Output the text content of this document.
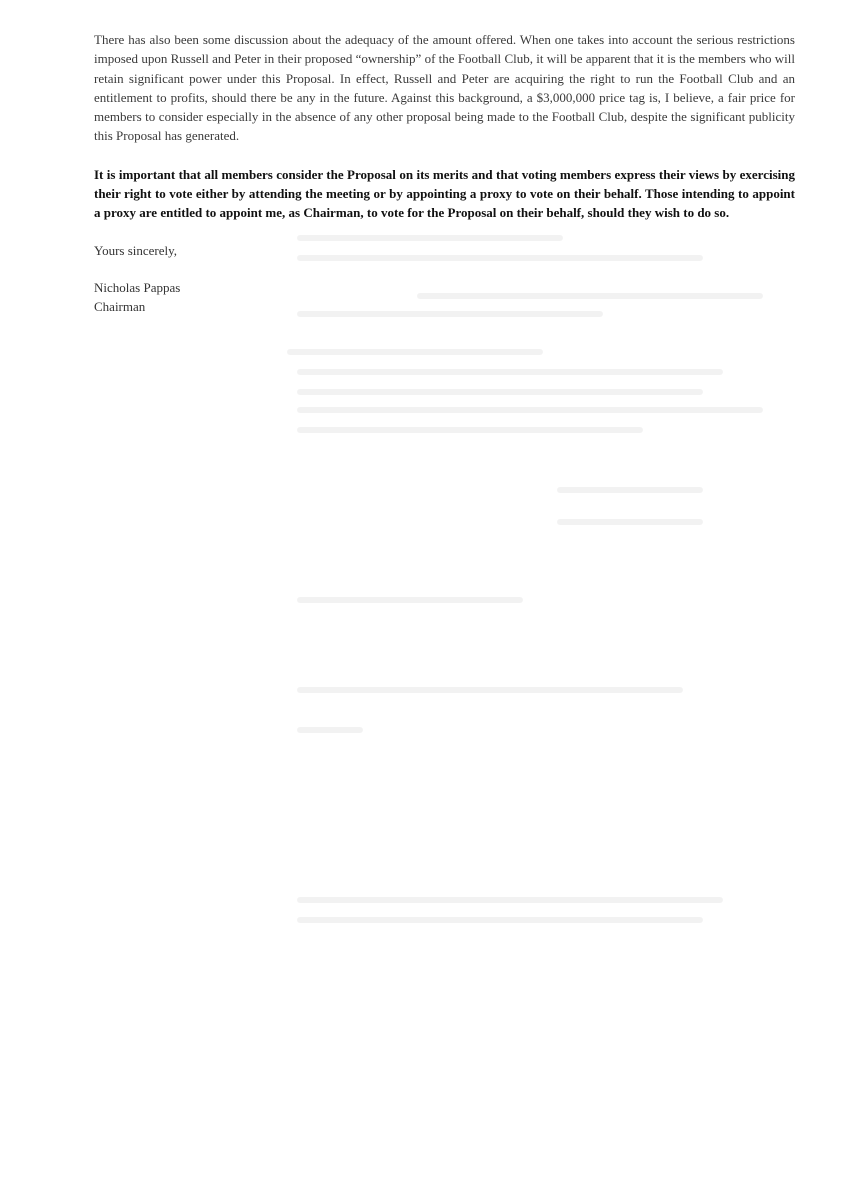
There has also been some discussion about the adequacy of the amount offered. When one takes into account the serious restrictions imposed upon Russell and Peter in their proposed “ownership” of the Football Club, it will be apparent that it is the members who will retain significant power under this Proposal. In effect, Russell and Peter are acquiring the right to run the Football Club and an entitlement to profits, should there be any in the future. Against this background, a $3,000,000 price tag is, I believe, a fair price for members to consider especially in the absence of any other proposal being made to the Football Club, despite the significant publicity this Proposal has generated.

It is important that all members consider the Proposal on its merits and that voting members express their views by exercising their right to vote either by attending the meeting or by appointing a proxy to vote on their behalf. Those intending to appoint a proxy are entitled to appoint me, as Chairman, to vote for the Proposal on their behalf, should they wish to do so.

Yours sincerely,

Nicholas Pappas
Chairman
